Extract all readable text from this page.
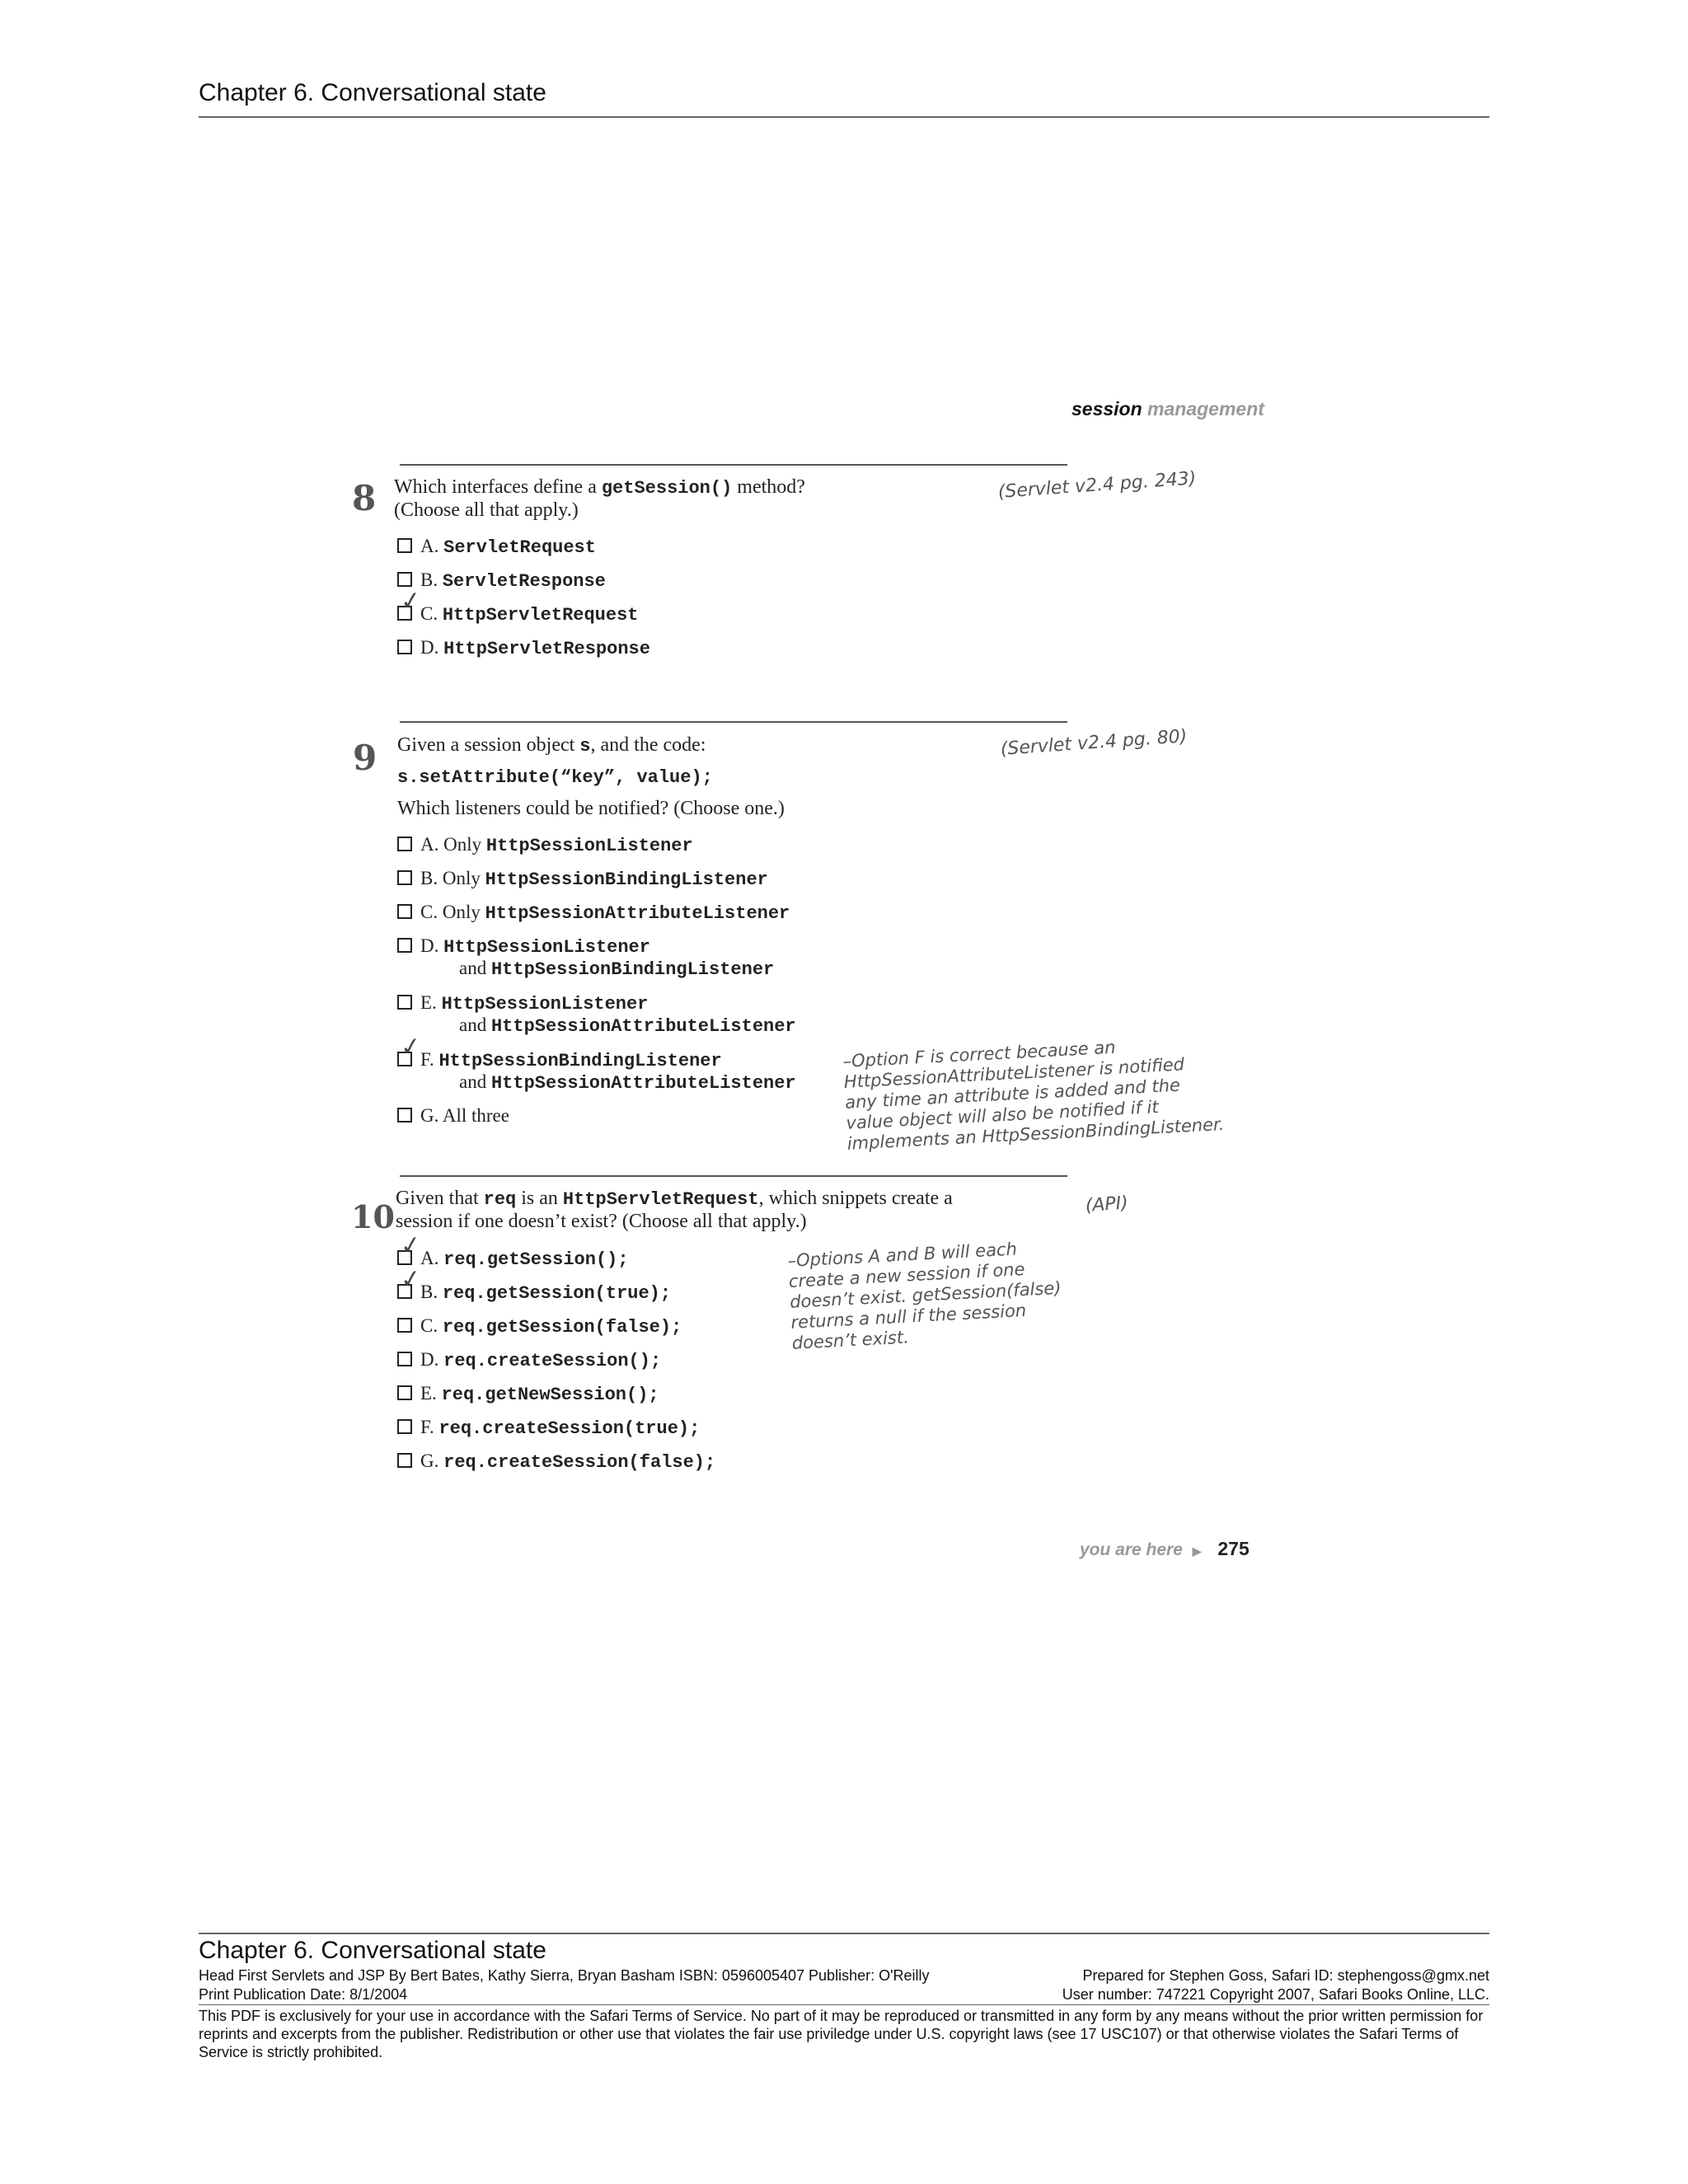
Chapter 6. Conversational state
session management
8 Which interfaces define a getSession() method?
(Choose all that apply.)
(Servlet v2.4 pg. 243)
A. ServletRequest
B. ServletResponse
✓C. HttpServletRequest
D. HttpServletResponse
9 Given a session object s, and the code:
s.setAttribute(“key”, value);
Which listeners could be notified? (Choose one.)
(Servlet v2.4 pg. 80)
A. Only HttpSessionListener
B. Only HttpSessionBindingListener
C. Only HttpSessionAttributeListener
D. HttpSessionListener
and HttpSessionBindingListener
E. HttpSessionListener
and HttpSessionAttributeListener
✓F. HttpSessionBindingListener
and HttpSessionAttributeListener
G. All three
–Option F is correct because an
HttpSessionAttributeListener is notified
any time an attribute is added and the
value object will also be notified if it
implements an HttpSessionBindingListener.
10 Given that req is an HttpServletRequest, which snippets create a
session if one doesn’t exist? (Choose all that apply.)
(API)
✓A. req.getSession();
✓B. req.getSession(true);
C. req.getSession(false);
D. req.createSession();
E. req.getNewSession();
F. req.createSession(true);
G. req.createSession(false);
–Options A and B will each
create a new session if one
doesn’t exist. getSession(false)
returns a null if the session
doesn’t exist.
you are here ▶ 275
Chapter 6. Conversational state
Head First Servlets and JSP By Bert Bates, Kathy Sierra, Bryan Basham ISBN: 0596005407 Publisher: O'Reilly	Prepared for Stephen Goss, Safari ID: stephengoss@gmx.net
Print Publication Date: 8/1/2004	User number: 747221 Copyright 2007, Safari Books Online, LLC.
This PDF is exclusively for your use in accordance with the Safari Terms of Service. No part of it may be reproduced or transmitted in any form by any means without the prior written permission for reprints and excerpts from the publisher. Redistribution or other use that violates the fair use priviledge under U.S. copyright laws (see 17 USC107) or that otherwise violates the Safari Terms of Service is strictly prohibited.
